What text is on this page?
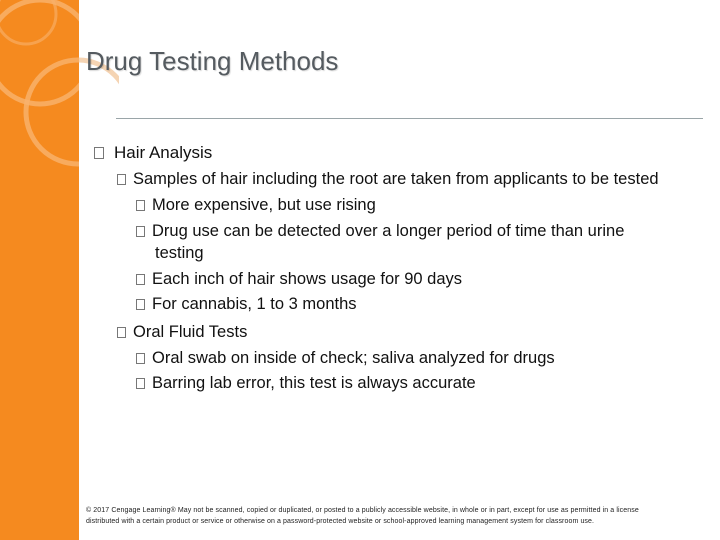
Drug Testing Methods
Hair Analysis
Samples of hair including the root are taken from applicants to be tested
More expensive, but use rising
Drug use can be detected over a longer period of time than urine
testing
Each inch of hair shows usage for 90 days
For cannabis, 1 to 3 months
Oral Fluid Tests
Oral swab on inside of check; saliva analyzed for drugs
Barring lab error, this test is always accurate
© 2017 Cengage Learning® May not be scanned, copied or duplicated, or posted to a publicly accessible website, in whole or in part, except for use as permitted in a license
distributed with a certain product or service or otherwise on a password-protected website or school-approved learning management system for classroom use.
